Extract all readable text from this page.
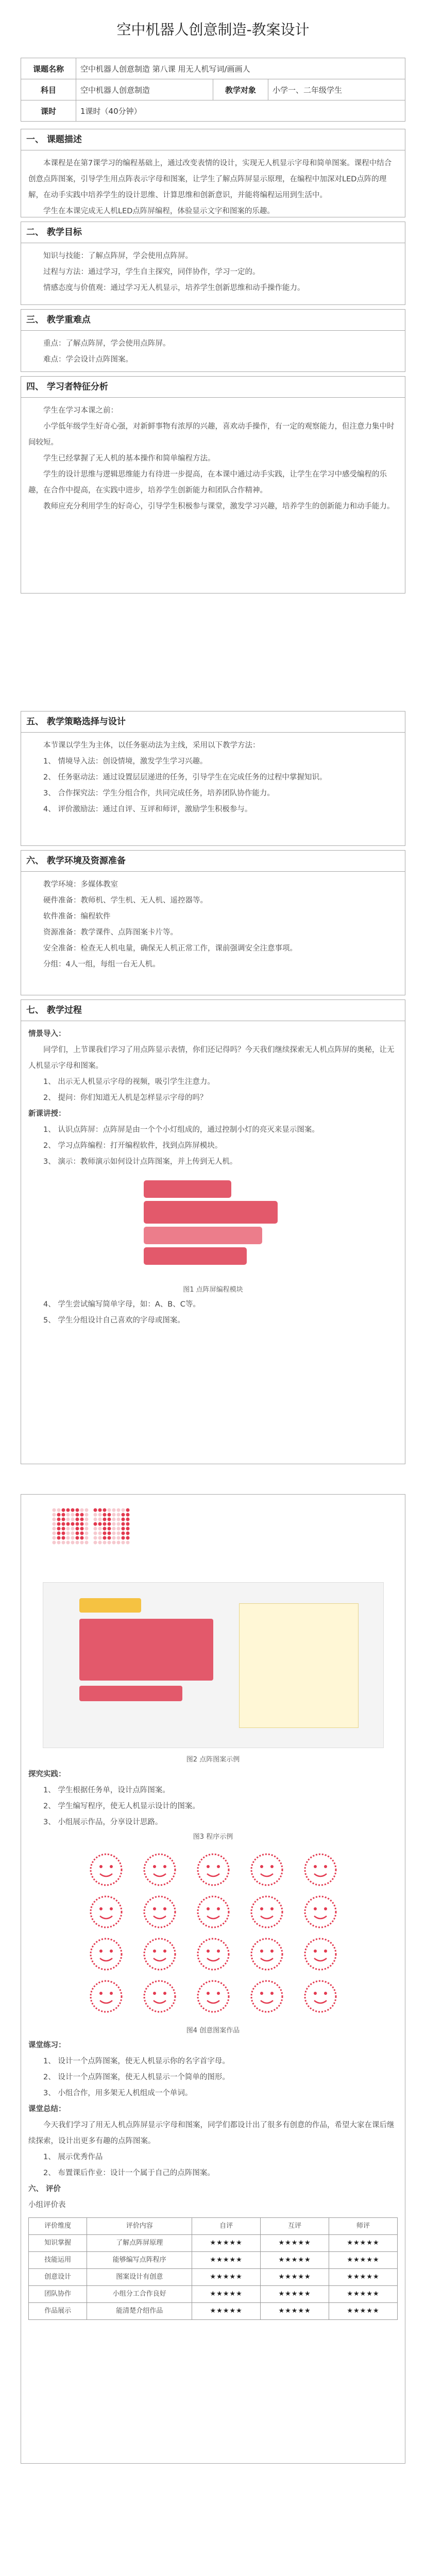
空中机器人创意制造-教案设计
课题名称	空中机器人创意制造 第八课 用无人机写词/画画人		
科目	空中机器人创意制造	教学对象	小学一、二年级学生
课时	1课时（40分钟）		
一、 课题描述

本课程是在第7课学习的编程基础上，通过改变表情的设计，实现无人机显示字母和简单图案。课程中结合创意点阵图案，引导学生用点阵表示字母和图案，让学生了解点阵屏显示原理，在编程中加深对LED点阵的理解，在动手实践中培养学生的设计思维、计算思维和创新意识，并能将编程运用到生活中。

学生在本课完成无人机LED点阵屏编程，体验显示文字和图案的乐趣。

二、 教学目标

知识与技能：了解点阵屏，学会使用点阵屏。

过程与方法：通过学习，学生自主探究，同伴协作，学习一定的。

情感态度与价值观：通过学习无人机显示，培养学生创新思维和动手操作能力。

三、 教学重难点

重点：了解点阵屏，学会使用点阵屏。

难点：学会设计点阵图案。

四、 学习者特征分析

学生在学习本课之前：

小学低年级学生好奇心强，对新鲜事物有浓厚的兴趣，喜欢动手操作，有一定的观察能力，但注意力集中时间较短。

学生已经掌握了无人机的基本操作和简单编程方法。

学生的设计思维与逻辑思维能力有待进一步提高，在本课中通过动手实践，让学生在学习中感受编程的乐趣，在合作中提高，在实践中进步，培养学生创新能力和团队合作精神。

教师应充分利用学生的好奇心，引导学生积极参与课堂，激发学习兴趣，培养学生的创新能力和动手能力。

五、 教学策略选择与设计

本节课以学生为主体，以任务驱动法为主线，采用以下教学方法：

1、 情境导入法：创设情境，激发学生学习兴趣。

2、 任务驱动法：通过设置层层递进的任务，引导学生在完成任务的过程中掌握知识。

3、 合作探究法：学生分组合作，共同完成任务，培养团队协作能力。

4、 评价激励法：通过自评、互评和师评，激励学生积极参与。

六、 教学环境及资源准备

教学环境：多媒体教室

硬件准备：教师机、学生机、无人机、遥控器等。

软件准备：编程软件

资源准备：教学课件、点阵图案卡片等。

安全准备：检查无人机电量，确保无人机正常工作，课前强调安全注意事项。

分组：4人一组，每组一台无人机。

七、 教学过程

情景导入：

同学们，上节课我们学习了用点阵显示表情，你们还记得吗？今天我们继续探索无人机点阵屏的奥秘，让无人机显示字母和图案。

1、 出示无人机显示字母的视频，吸引学生注意力。

2、 提问：你们知道无人机是怎样显示字母的吗？

新课讲授：

1、 认识点阵屏：点阵屏是由一个个小灯组成的，通过控制小灯的亮灭来显示图案。

2、 学习点阵编程：打开编程软件，找到点阵屏模块。

3、 演示：教师演示如何设计点阵图案，并上传到无人机。

图1 点阵屏编程模块

4、 学生尝试编写简单字母，如：A、B、C等。

5、 学生分组设计自己喜欢的字母或图案。

图2 点阵图案示例

探究实践：

1、 学生根据任务单，设计点阵图案。

2、 学生编写程序，使无人机显示设计的图案。

3、 小组展示作品，分享设计思路。

图3 程序示例
图4 创意图案作品

课堂练习：

1、 设计一个点阵图案，使无人机显示你的名字首字母。

2、 设计一个点阵图案，使无人机显示一个简单的图形。

3、 小组合作，用多架无人机组成一个单词。

课堂总结：

今天我们学习了用无人机点阵屏显示字母和图案，同学们都设计出了很多有创意的作品，希望大家在课后继续探索，设计出更多有趣的点阵图案。

1、 展示优秀作品

2、 布置课后作业：设计一个属于自己的点阵图案。

六、 评价

小组评价表

评价维度	评价内容	自评	互评	师评
知识掌握	了解点阵屏原理	★★★★★	★★★★★	★★★★★
技能运用	能够编写点阵程序	★★★★★	★★★★★	★★★★★
创意设计	图案设计有创意	★★★★★	★★★★★	★★★★★
团队协作	小组分工合作良好	★★★★★	★★★★★	★★★★★
作品展示	能清楚介绍作品	★★★★★	★★★★★	★★★★★
